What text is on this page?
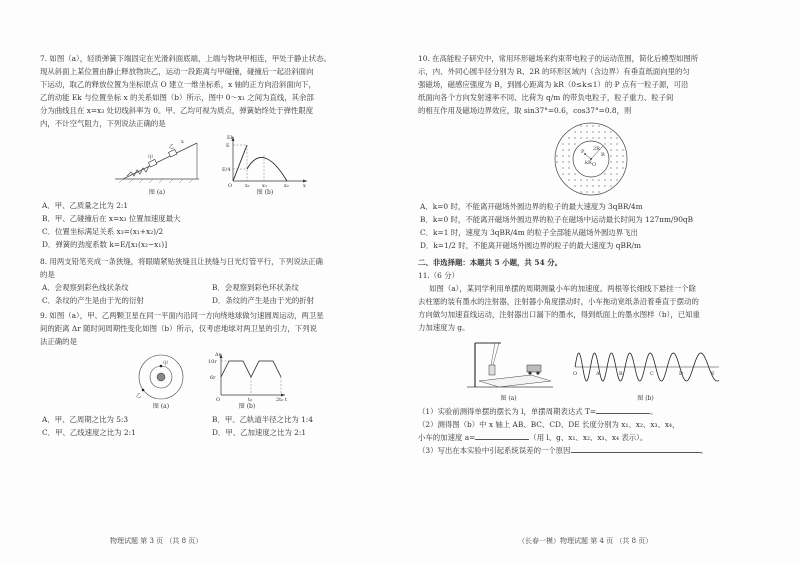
7. 如图（a），轻质弹簧下端固定在光滑斜面底端，上端与物块甲相连，甲处于静止状态。

现从斜面上某位置由静止释放物块乙，运动一段距离与甲碰撞，碰撞后一起沿斜面向

下运动，取乙的释放位置为坐标原点 O 建立一维坐标系，x 轴的正方向沿斜面向下，

乙的动能 Ek 与位置坐标 x 的关系如图（b）所示，图中 0～x₁ 之间为直线，其余部

分为曲线且在 x=x₃ 处切线斜率为 0。甲、乙均可视为质点，弹簧始终处于弹性限度

内，不计空气阻力，下列说法正确的是

甲
乙
x
图 (a)
Ek
E
E/4
O	x₁ x₃	x₂	x
图 (b)

A．甲、乙质量之比为 2:1

B．甲、乙碰撞后在 x=x₃ 位置加速度最大

C．位置坐标满足关系 x₃=(x₁+x₂)/2

D．弹簧的劲度系数 k=E/[x₁(x₂−x₁)]

8. 用两支铅笔夹成一条狭缝，将眼睛紧贴狭缝且让狭缝与日光灯管平行，下列说法正确

的是

A．会观察到彩色线状条纹	B．会观察到彩色环状条纹
C．条纹的产生是由于光的衍射	D．条纹的产生是由于光的折射

9. 如图（a），甲、乙两颗卫星在同一平面内沿同一方向绕地球做匀速圆周运动，两卫星

间的距离 Δr 随时间周期性变化如图（b）所示，仅考虑地球对两卫星的引力，下列说

法正确的是

甲
乙
图 (a)
Δr
10r
6r
O	t₀	2t₀ t
图 (b)
A．甲、乙周期之比为 5:3	B．甲、乙轨道半径之比为 1:4
C．甲、乙线速度之比为 2:1	D．甲、乙加速度之比为 2:1

10. 在高能粒子研究中，常用环形磁场来约束带电粒子的运动范围，简化后模型如图所

示，内、外同心圆半径分别为 R、2R 的环形区域内（含边界）有垂直纸面向里的匀

强磁场，磁感应强度为 B，到圆心距离为 kR（0≤k≤1）的 P 点有一粒子源，可沿

纸面向各个方向发射速率不同、比荷为 q/m 的带负电粒子，粒子重力、粒子间

的相互作用及磁场边界效应，取 sin37°=0.6，cos37°=0.8，则

2R
kR
P
O
R

A．k=0 时，不能离开磁场外圆边界的粒子的最大速度为 3qBR/4m

B．k=0 时，不能离开磁场外圆边界的粒子在磁场中运动最长时间为 127πm/90qB

C．k=1 时，速度为 3qBR/4m 的粒子全部能从磁场外圆边界飞出

D．k=1/2 时，不能离开磁场外圆边界的粒子的最大速度为 qBR/m

二、非选择题：本题共 5 小题，共 54 分。

11.（6 分）

如图（a），某同学利用单摆的周期测量小车的加速度。两根等长细线下悬挂一个除

去柱塞的装有墨水的注射器，注射器小角度摆动时，小车拖动宽纸条沿着垂直于摆动的

方向做匀加速直线运动，注射器出口漏下的墨水，得到纸面上的墨水图样（b），已知重

力加速度为 g。

图 (a)
O	A	B	C	D	E
图 (b)

（1）实验前测得单摆的摆长为 l，单摆周期表达式 T=	。

（2）测得图（b）中 x 轴上 AB、BC、CD、DE 长度分别为 x₁、x₂、x₃、x₄，

小车的加速度 a=	（用 l、g、x₁、x₂、x₃、x₄ 表示）。

（3）写出在本实验中引起系统误差的一个原因	。

物理试题 第 3 页 （共 8 页）	（长春一模）物理试题 第 4 页 （共 8 页）
